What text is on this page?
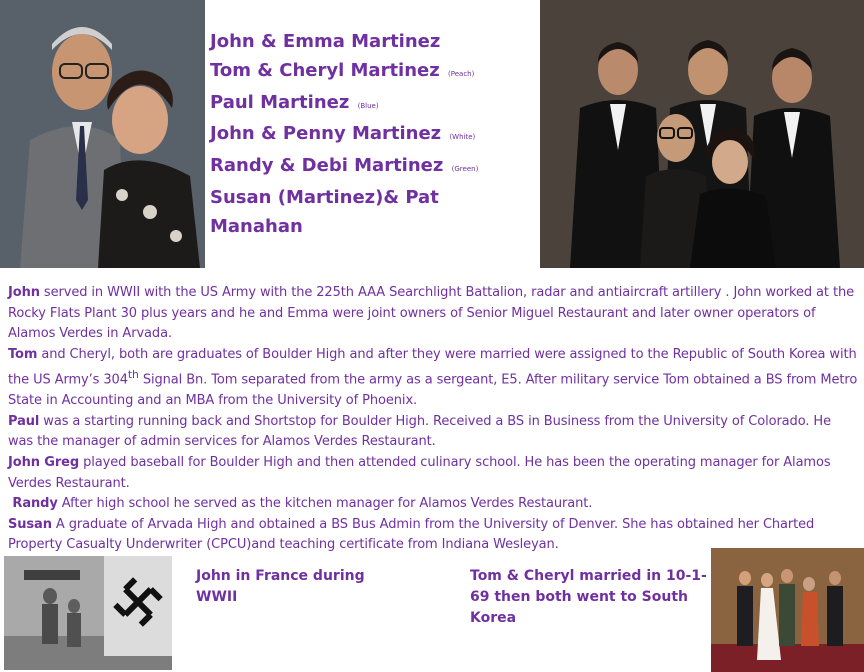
John & Emma Martinez
Tom & Cheryl Martinez (Peach)
Paul Martinez (Blue)
John & Penny Martinez (White)
Randy & Debi Martinez (Green)
Susan (Martinez)& Pat Manahan

John served in WWII with the US Army with the 225th AAA Searchlight Battalion, radar and antiaircraft artillery . John worked at the Rocky Flats Plant 30 plus years and he and Emma were joint owners of Senior Miguel Restaurant and later owner operators of Alamos Verdes in Arvada.

Tom and Cheryl, both are graduates of Boulder High and after they were married were assigned to the Republic of South Korea with the US Army’s 304th Signal Bn. Tom separated from the army as a sergeant, E5. After military service Tom obtained a BS from Metro State in Accounting and an MBA from the University of Phoenix.

Paul was a starting running back and Shortstop for Boulder High. Received a BS in Business from the University of Colorado. He was the manager of admin services for Alamos Verdes Restaurant.

John Greg played baseball for Boulder High and then attended culinary school. He has been the operating manager for Alamos Verdes Restaurant.

Randy After high school he served as the kitchen manager for Alamos Verdes Restaurant.

Susan A graduate of Arvada High and obtained a BS Bus Admin from the University of Denver. She has obtained her Charted Property Casualty Underwriter (CPCU)and teaching certificate from Indiana Wesleyan.

John in France during WWII
Tom & Cheryl married in 10-1-69 then both went to South Korea
